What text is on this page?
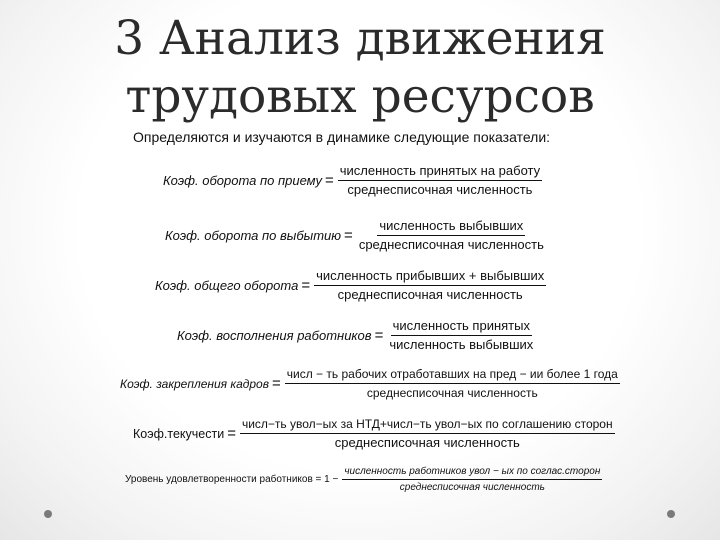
3 Анализ движения
трудовых ресурсов
Определяются и изучаются в динамике следующие показатели:
Коэф. оборота по приему = $\frac{\text{численность принятых на работу}}{\text{среднесписочная численность}}$
Коэф. оборота по выбытию = $\frac{\text{численность выбывших}}{\text{среднесписочная численность}}$
Коэф. общего оборота = $\frac{\text{численность прибывших + выбывших}}{\text{среднесписочная численность}}$
Коэф. восполнения работников = $\frac{\text{численность принятых}}{\text{численность выбывших}}$
Коэф. закрепления кадров = $\frac{\text{числ − ть рабочих отработавших на пред − ии более 1 года}}{\text{среднесписочная численность}}$
Коэф.текучести = $\frac{\text{числ−ть увол−ых за НТД+числ−ть увол−ых по соглашению сторон}}{\text{среднесписочная численность}}$
Уровень удовлетворенности работников = $1 - \frac{\text{численность работников увол − ых по соглас.сторон}}{\text{среднесписочная численность}}$
